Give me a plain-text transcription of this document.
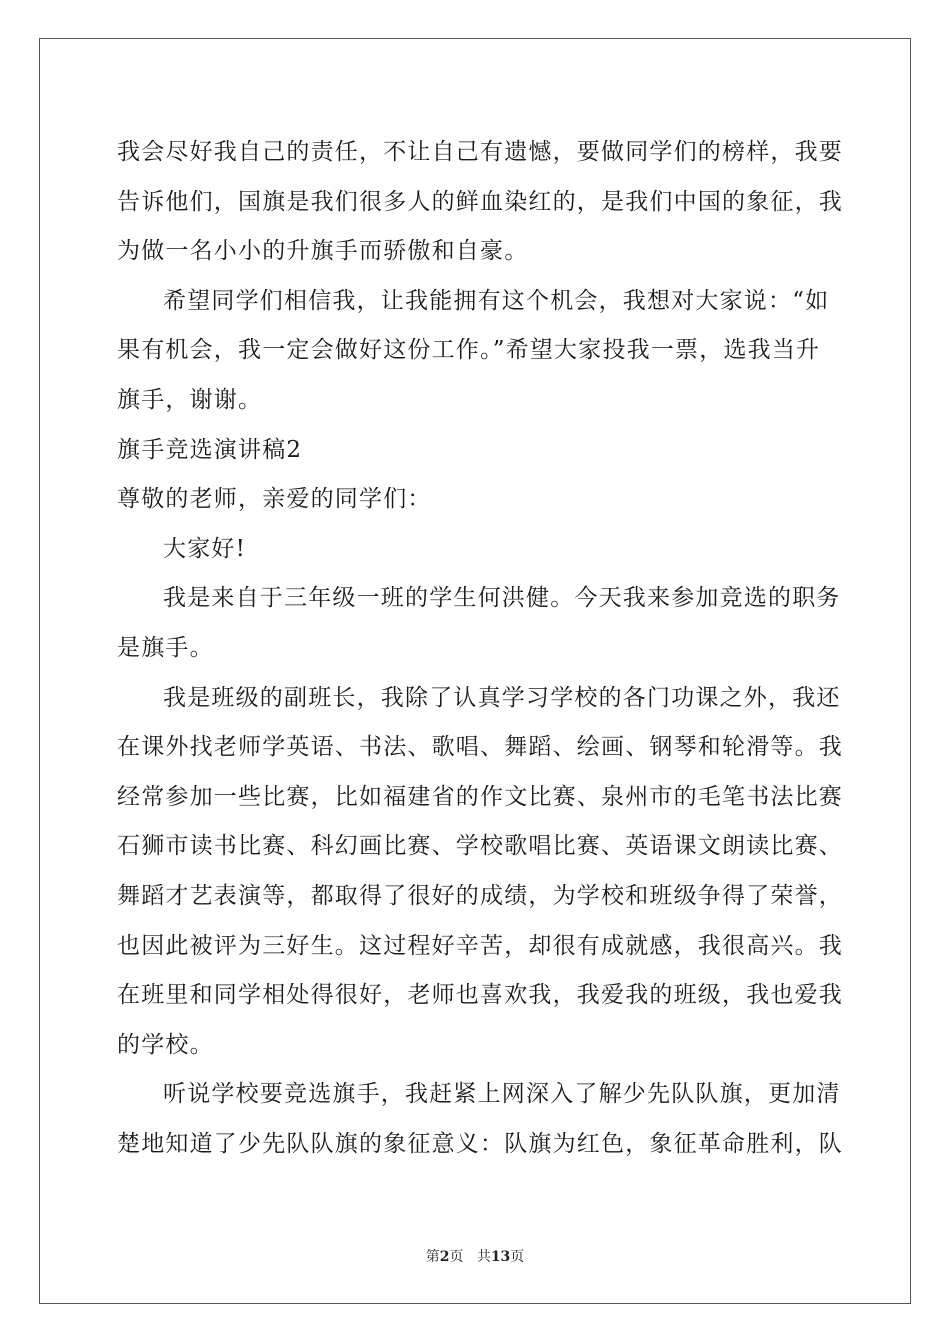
我会尽好我自己的责任，不让自己有遗憾，要做同学们的榜样，我要
告诉他们，国旗是我们很多人的鲜血染红的，是我们中国的象征，我
为做一名小小的升旗手而骄傲和自豪。
希望同学们相信我，让我能拥有这个机会，我想对大家说：“如
果有机会，我一定会做好这份工作。”希望大家投我一票，选我当升
旗手，谢谢。
旗手竞选演讲稿2
尊敬的老师，亲爱的同学们：
大家好!
我是来自于三年级一班的学生何洪健。今天我来参加竞选的职务
是旗手。
我是班级的副班长，我除了认真学习学校的各门功课之外，我还
在课外找老师学英语、书法、歌唱、舞蹈、绘画、钢琴和轮滑等。我
经常参加一些比赛，比如福建省的作文比赛、泉州市的毛笔书法比赛
石狮市读书比赛、科幻画比赛、学校歌唱比赛、英语课文朗读比赛、
舞蹈才艺表演等，都取得了很好的成绩，为学校和班级争得了荣誉，
也因此被评为三好生。这过程好辛苦，却很有成就感，我很高兴。我
在班里和同学相处得很好，老师也喜欢我，我爱我的班级，我也爱我
的学校。
听说学校要竞选旗手，我赶紧上网深入了解少先队队旗，更加清
楚地知道了少先队队旗的象征意义：队旗为红色，象征革命胜利，队
第2页 共13页
